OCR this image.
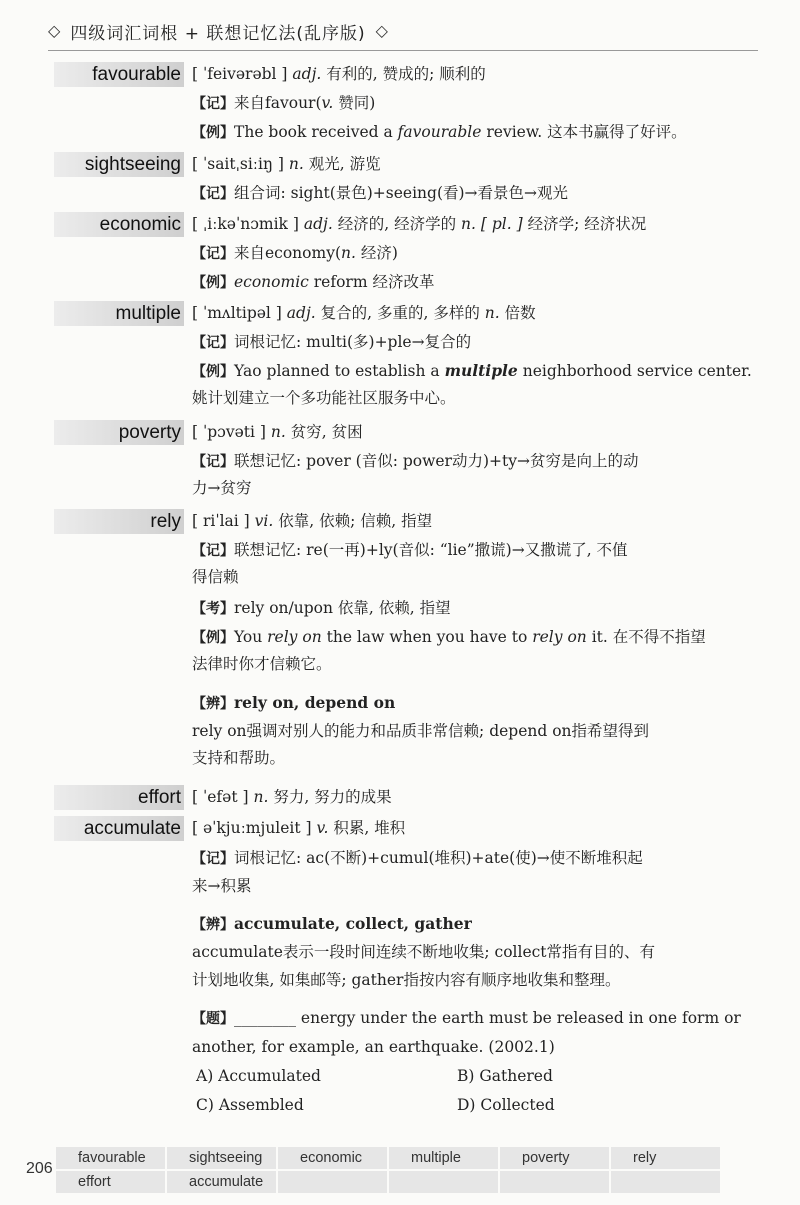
◇ 四级词汇词根 + 联想记忆法(乱序版) ◇
favourable [ ˈfeivərəbl ] adj. 有利的, 赞成的; 顺利的
【记】来自favour(v. 赞同)
【例】The book received a favourable review. 这本书赢得了好评。
sightseeing [ ˈsaitˌsiːiŋ ] n. 观光, 游览
【记】组合词: sight(景色)+seeing(看)→看景色→观光
economic [ ˌiːkəˈnɔmik ] adj. 经济的, 经济学的 n. [ pl. ] 经济学; 经济状况
【记】来自economy(n. 经济)
【例】economic reform 经济改革
multiple [ ˈmʌltipəl ] adj. 复合的, 多重的, 多样的 n. 倍数
【记】词根记忆: multi(多)+ple→复合的
【例】Yao planned to establish a multiple neighborhood service center.
姚计划建立一个多功能社区服务中心。
poverty [ ˈpɔvəti ] n. 贫穷, 贫困
【记】联想记忆: pover (音似: power动力)+ty→贫穷是向上的动
力→贫穷
rely [ riˈlai ] vi. 依靠, 依赖; 信赖, 指望
【记】联想记忆: re(一再)+ly(音似: “lie”撒谎)→又撒谎了, 不值
得信赖
【考】rely on/upon 依靠, 依赖, 指望
【例】You rely on the law when you have to rely on it. 在不得不指望
法律时你才信赖它。
【辨】rely on, depend on
rely on强调对别人的能力和品质非常信赖; depend on指希望得到
支持和帮助。
effort [ ˈefət ] n. 努力, 努力的成果
accumulate [ əˈkjuːmjuleit ] v. 积累, 堆积
【记】词根记忆: ac(不断)+cumul(堆积)+ate(使)→使不断堆积起
来→积累
【辨】accumulate, collect, gather
accumulate表示一段时间连续不断地收集; collect常指有目的、有
计划地收集, 如集邮等; gather指按内容有顺序地收集和整理。
【题】________ energy under the earth must be released in one form or
another, for example, an earthquake. (2002.1)
A) Accumulated	B) Gathered
C) Assembled	D) Collected
206
favourable	sightseeing	economic	multiple	poverty	rely
effort	accumulate
